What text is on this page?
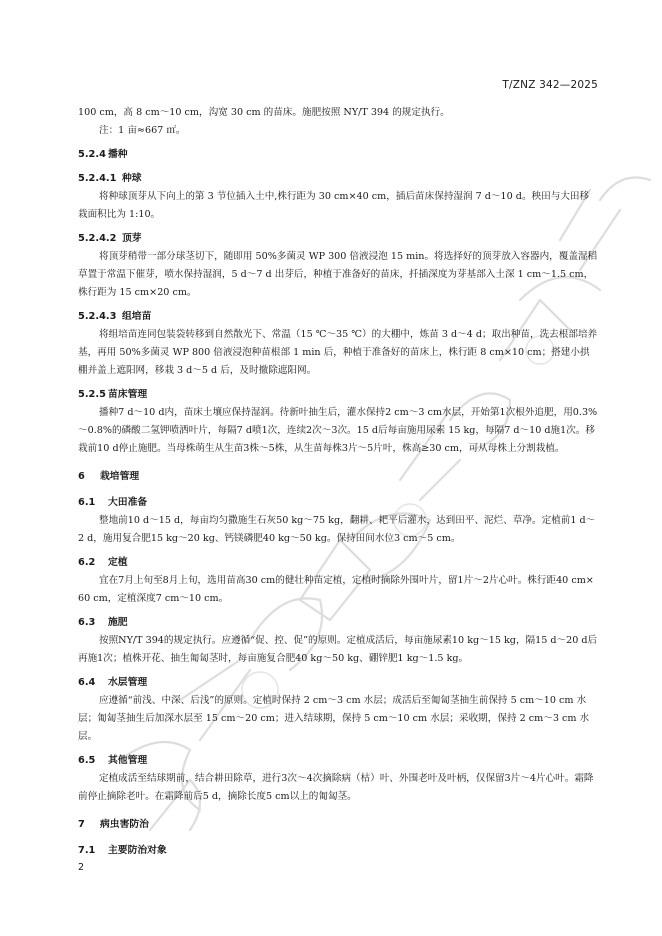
T/ZNZ 342—2025

100 cm，高 8 cm～10 cm，沟宽 30 cm 的苗床。施肥按照 NY/T 394 的规定执行。

注：1 亩≈667 ㎡。

5.2.4 播种

5.2.4.1 种球

将种球顶芽从下向上的第 3 节位插入土中,株行距为 30 cm×40 cm，插后苗床保持湿润 7 d～10 d。秧田与大田移栽面积比为 1:10。

5.2.4.2 顶芽

将顶芽稍带一部分球茎切下，随即用 50%多菌灵 WP 300 倍液浸泡 15 min。将选择好的顶芽放入容器内，覆盖湿稻草置于常温下催芽，喷水保持湿润，5 d～7 d 出芽后，种植于准备好的苗床，扦插深度为芽基部入土深 1 cm～1.5 cm，株行距为 15 cm×20 cm。

5.2.4.3 组培苗

将组培苗连同包装袋转移到自然散光下、常温（15 ℃～35 ℃）的大棚中，炼苗 3 d～4 d；取出种苗，洗去根部培养基，再用 50%多菌灵 WP 800 倍液浸泡种苗根部 1 min 后，种植于准备好的苗床上，株行距 8 cm×10 cm；搭建小拱棚并盖上遮阳网，移栽 3 d～5 d 后，及时撤除遮阳网。

5.2.5 苗床管理

播种7 d～10 d内，苗床土壤应保持湿润。待新叶抽生后，灌水保持2 cm～3 cm水层，开始第1次根外追肥，用0.3%～0.8%的磷酸二氢钾喷洒叶片，每隔7 d喷1次，连续2次～3次。15 d后每亩施用尿素 15 kg，每隔7 d～10 d施1次。移栽前10 d停止施肥。当母株萌生从生苗3株～5株，从生苗每株3片～5片叶，株高≥30 cm，可从母株上分割栽植。

6 栽培管理

6.1 大田准备

整地前10 d～15 d，每亩均匀撒施生石灰50 kg～75 kg，翻耕、耙平后灌水，达到田平、泥烂、草净。定植前1 d～2 d，施用复合肥15 kg～20 kg、钙镁磷肥40 kg～50 kg。保持田间水位3 cm～5 cm。

6.2 定植

宜在7月上旬至8月上旬，选用苗高30 cm的健壮种苗定植，定植时摘除外围叶片，留1片～2片心叶。株行距40 cm×60 cm，定植深度7 cm～10 cm。

6.3 施肥

按照NY/T 394的规定执行。应遵循“促、控、促”的原则。定植成活后，每亩施尿素10 kg～15 kg，隔15 d～20 d后再施1次；植株开花、抽生匍匐茎时，每亩施复合肥40 kg～50 kg、硼锌肥1 kg～1.5 kg。

6.4 水层管理

应遵循“前浅、中深、后浅”的原则。定植时保持 2 cm～3 cm 水层；成活后至匍匐茎抽生前保持 5 cm～10 cm 水层；匍匐茎抽生后加深水层至 15 cm～20 cm；进入结球期，保持 5 cm～10 cm 水层；采收期，保持 2 cm～3 cm 水层。

6.5 其他管理

定植成活至结球期前，结合耕田除草，进行3次～4次摘除病（枯）叶、外围老叶及叶柄，仅保留3片～4片心叶。霜降前停止摘除老叶。在霜降前后5 d，摘除长度5 cm以上的匍匐茎。

7 病虫害防治

7.1 主要防治对象

2
